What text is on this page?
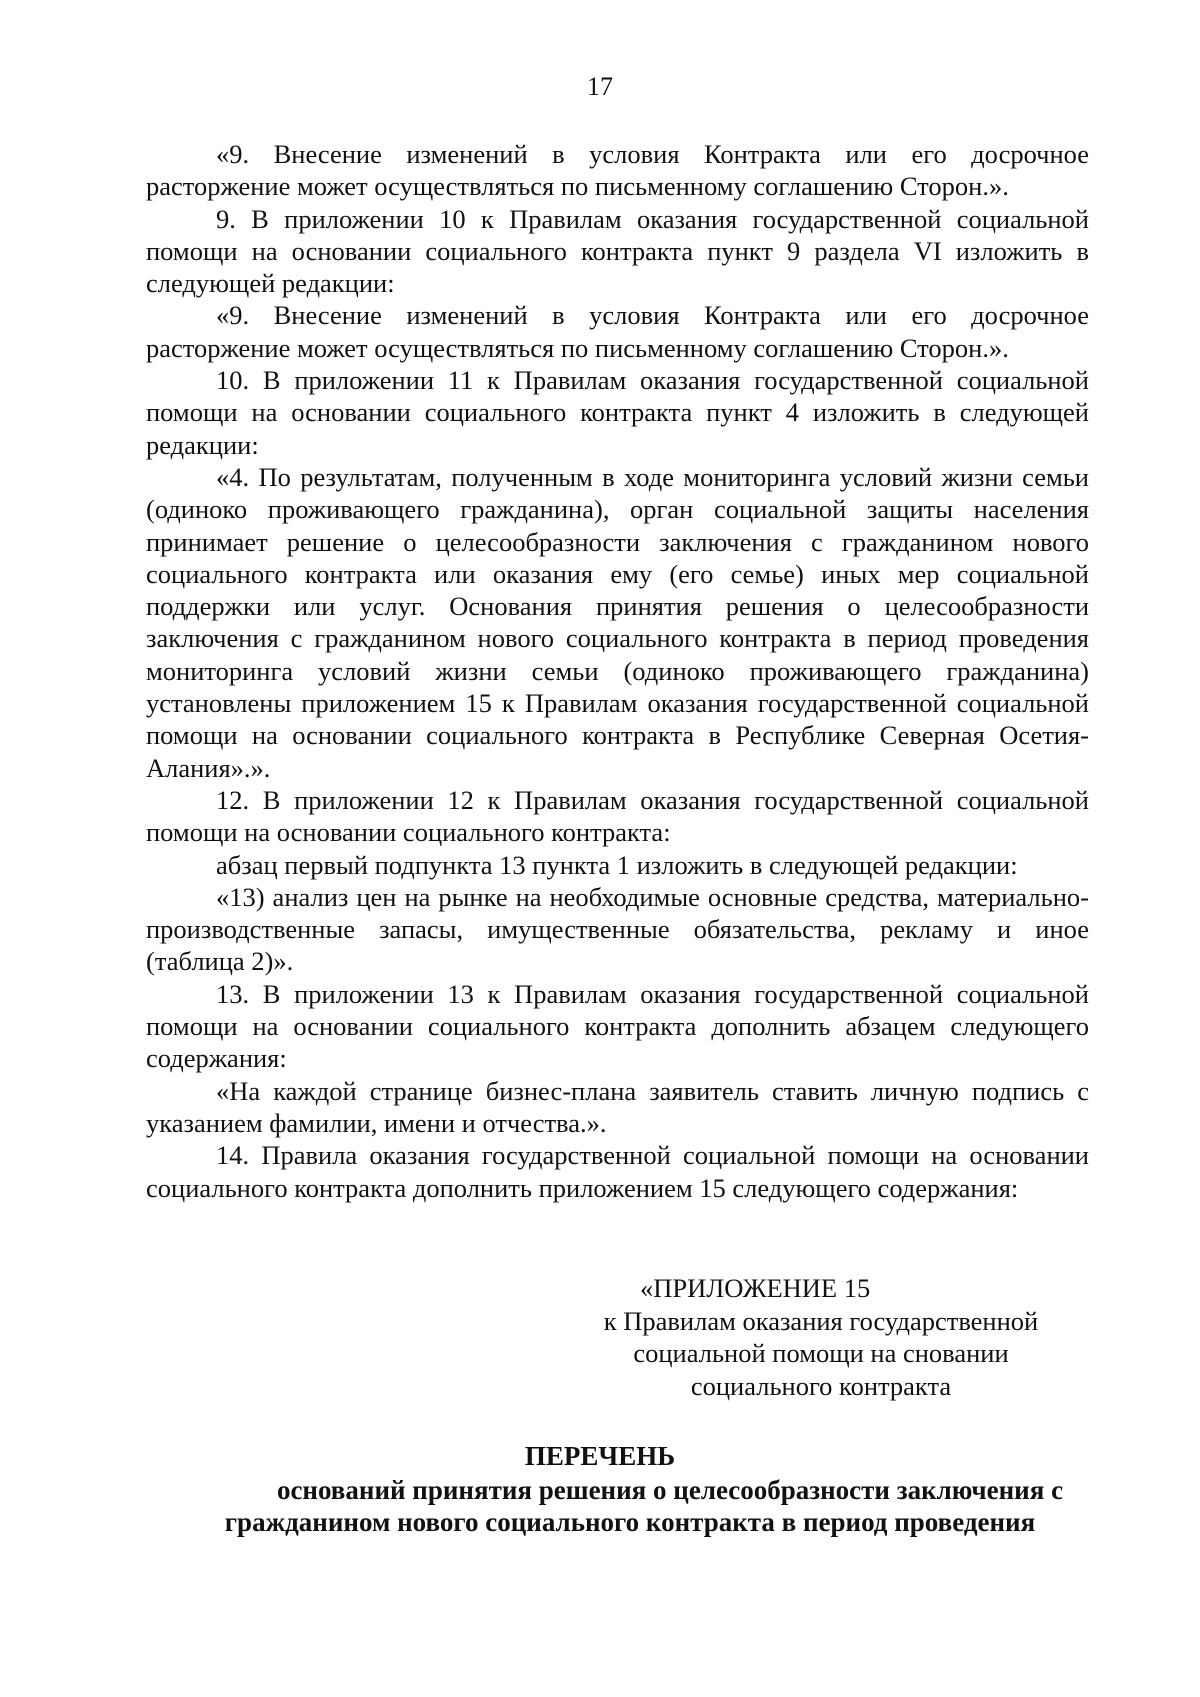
17

«9. Внесение изменений в условия Контракта или его досрочное расторжение может осуществляться по письменному соглашению Сторон.».

9. В приложении 10 к Правилам оказания государственной социальной помощи на основании социального контракта пункт 9 раздела VI изложить в следующей редакции:

«9. Внесение изменений в условия Контракта или его досрочное расторжение может осуществляться по письменному соглашению Сторон.».

10. В приложении 11 к Правилам оказания государственной социальной помощи на основании социального контракта пункт 4 изложить в следующей редакции:

«4. По результатам, полученным в ходе мониторинга условий жизни семьи (одиноко проживающего гражданина), орган социальной защиты населения принимает решение о целесообразности заключения с гражданином нового социального контракта или оказания ему (его семье) иных мер социальной поддержки или услуг. Основания принятия решения о целесообразности заключения с гражданином нового социального контракта в период проведения мониторинга условий жизни семьи (одиноко проживающего гражданина) установлены приложением 15 к Правилам оказания государственной социальной помощи на основании социального контракта в Республике Северная Осетия-Алания».».

12. В приложении 12 к Правилам оказания государственной социальной помощи на основании социального контракта:

абзац первый подпункта 13 пункта 1 изложить в следующей редакции:

«13) анализ цен на рынке на необходимые основные средства, материально-производственные запасы, имущественные обязательства, рекламу и иное (таблица 2)».

13. В приложении 13 к Правилам оказания государственной социальной помощи на основании социального контракта дополнить абзацем следующего содержания:

«На каждой странице бизнес-плана заявитель ставить личную подпись с указанием фамилии, имени и отчества.».

14. Правила оказания государственной социальной помощи на основании социального контракта дополнить приложением 15 следующего содержания:

«ПРИЛОЖЕНИЕ 15

к Правилам оказания государственной

социальной помощи на сновании

социального контракта

ПЕРЕЧЕНЬ

оснований принятия решения о целесообразности заключения с

гражданином нового социального контракта в период проведения
